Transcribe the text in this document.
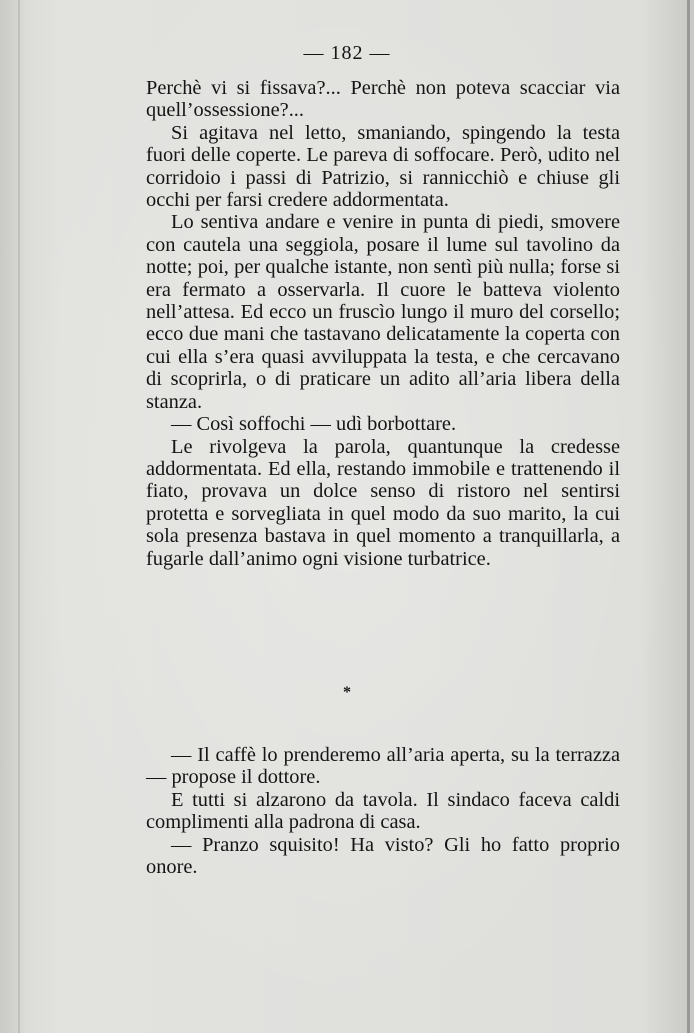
— 182 —

Perchè vi si fissava?... Perchè non poteva scacciar via quell’ossessione?...

Si agitava nel letto, smaniando, spingendo la testa fuori delle coperte. Le pareva di soffocare. Però, udito nel corridoio i passi di Patrizio, si rannicchiò e chiuse gli occhi per farsi credere addormentata.

Lo sentiva andare e venire in punta di piedi, smovere con cautela una seggiola, posare il lume sul tavolino da notte; poi, per qualche istante, non sentì più nulla; forse si era fermato a osservarla. Il cuore le batteva violento nell’attesa. Ed ecco un fruscìo lungo il muro del corsello; ecco due mani che tastavano delicatamente la coperta con cui ella s’era quasi avviluppata la testa, e che cercavano di scoprirla, o di praticare un adito all’aria libera della stanza.

— Così soffochi — udì borbottare.

Le rivolgeva la parola, quantunque la credesse addormentata. Ed ella, restando immobile e trattenendo il fiato, provava un dolce senso di ristoro nel sentirsi protetta e sorvegliata in quel modo da suo marito, la cui sola presenza bastava in quel momento a tranquillarla, a fugarle dall’animo ogni visione turbatrice.

*

— Il caffè lo prenderemo all’aria aperta, su la terrazza — propose il dottore.

E tutti si alzarono da tavola. Il sindaco faceva caldi complimenti alla padrona di casa.

— Pranzo squisito! Ha visto? Gli ho fatto proprio onore.
